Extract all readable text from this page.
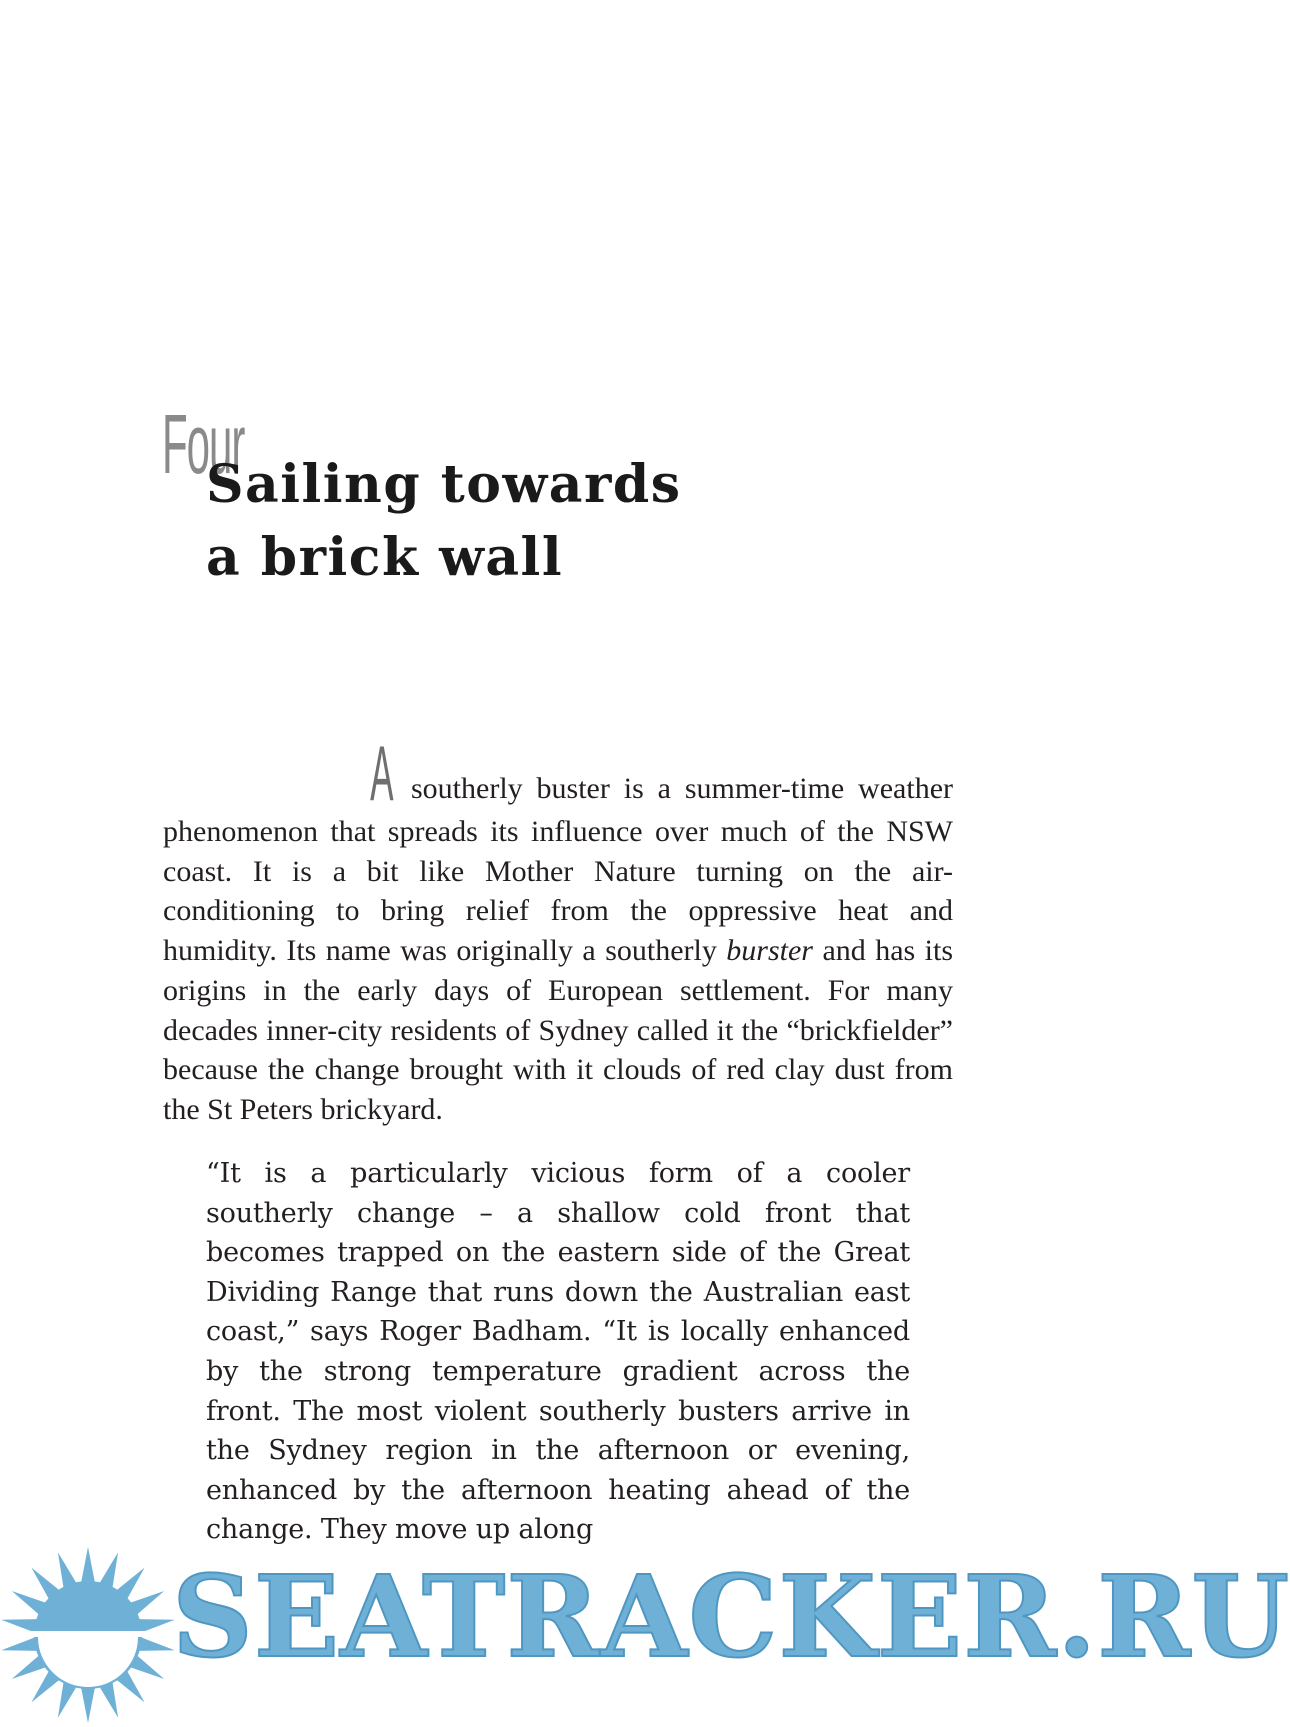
Four
Sailing towards
a brick wall

Asoutherly buster is a summer-time weather phenomenon that spreads its influence over much of the NSW coast. It is a bit like Mother Nature turning on the air-conditioning to bring relief from the oppressive heat and humidity. Its name was originally a southerly burster and has its origins in the early days of European settlement. For many decades inner-city residents of Sydney called it the “brickfielder” because the change brought with it clouds of red clay dust from the St Peters brickyard.

“It is a particularly vicious form of a cooler southerly change – a shallow cold front that becomes trapped on the eastern side of the Great Dividing Range that runs down the Australian east coast,” says Roger Badham. “It is locally enhanced by the strong temperature gradient across the front. The most violent southerly busters arrive in the Sydney region in the afternoon or evening, enhanced by the afternoon heating ahead of the change. They move up along

SEATRACKER.RU
